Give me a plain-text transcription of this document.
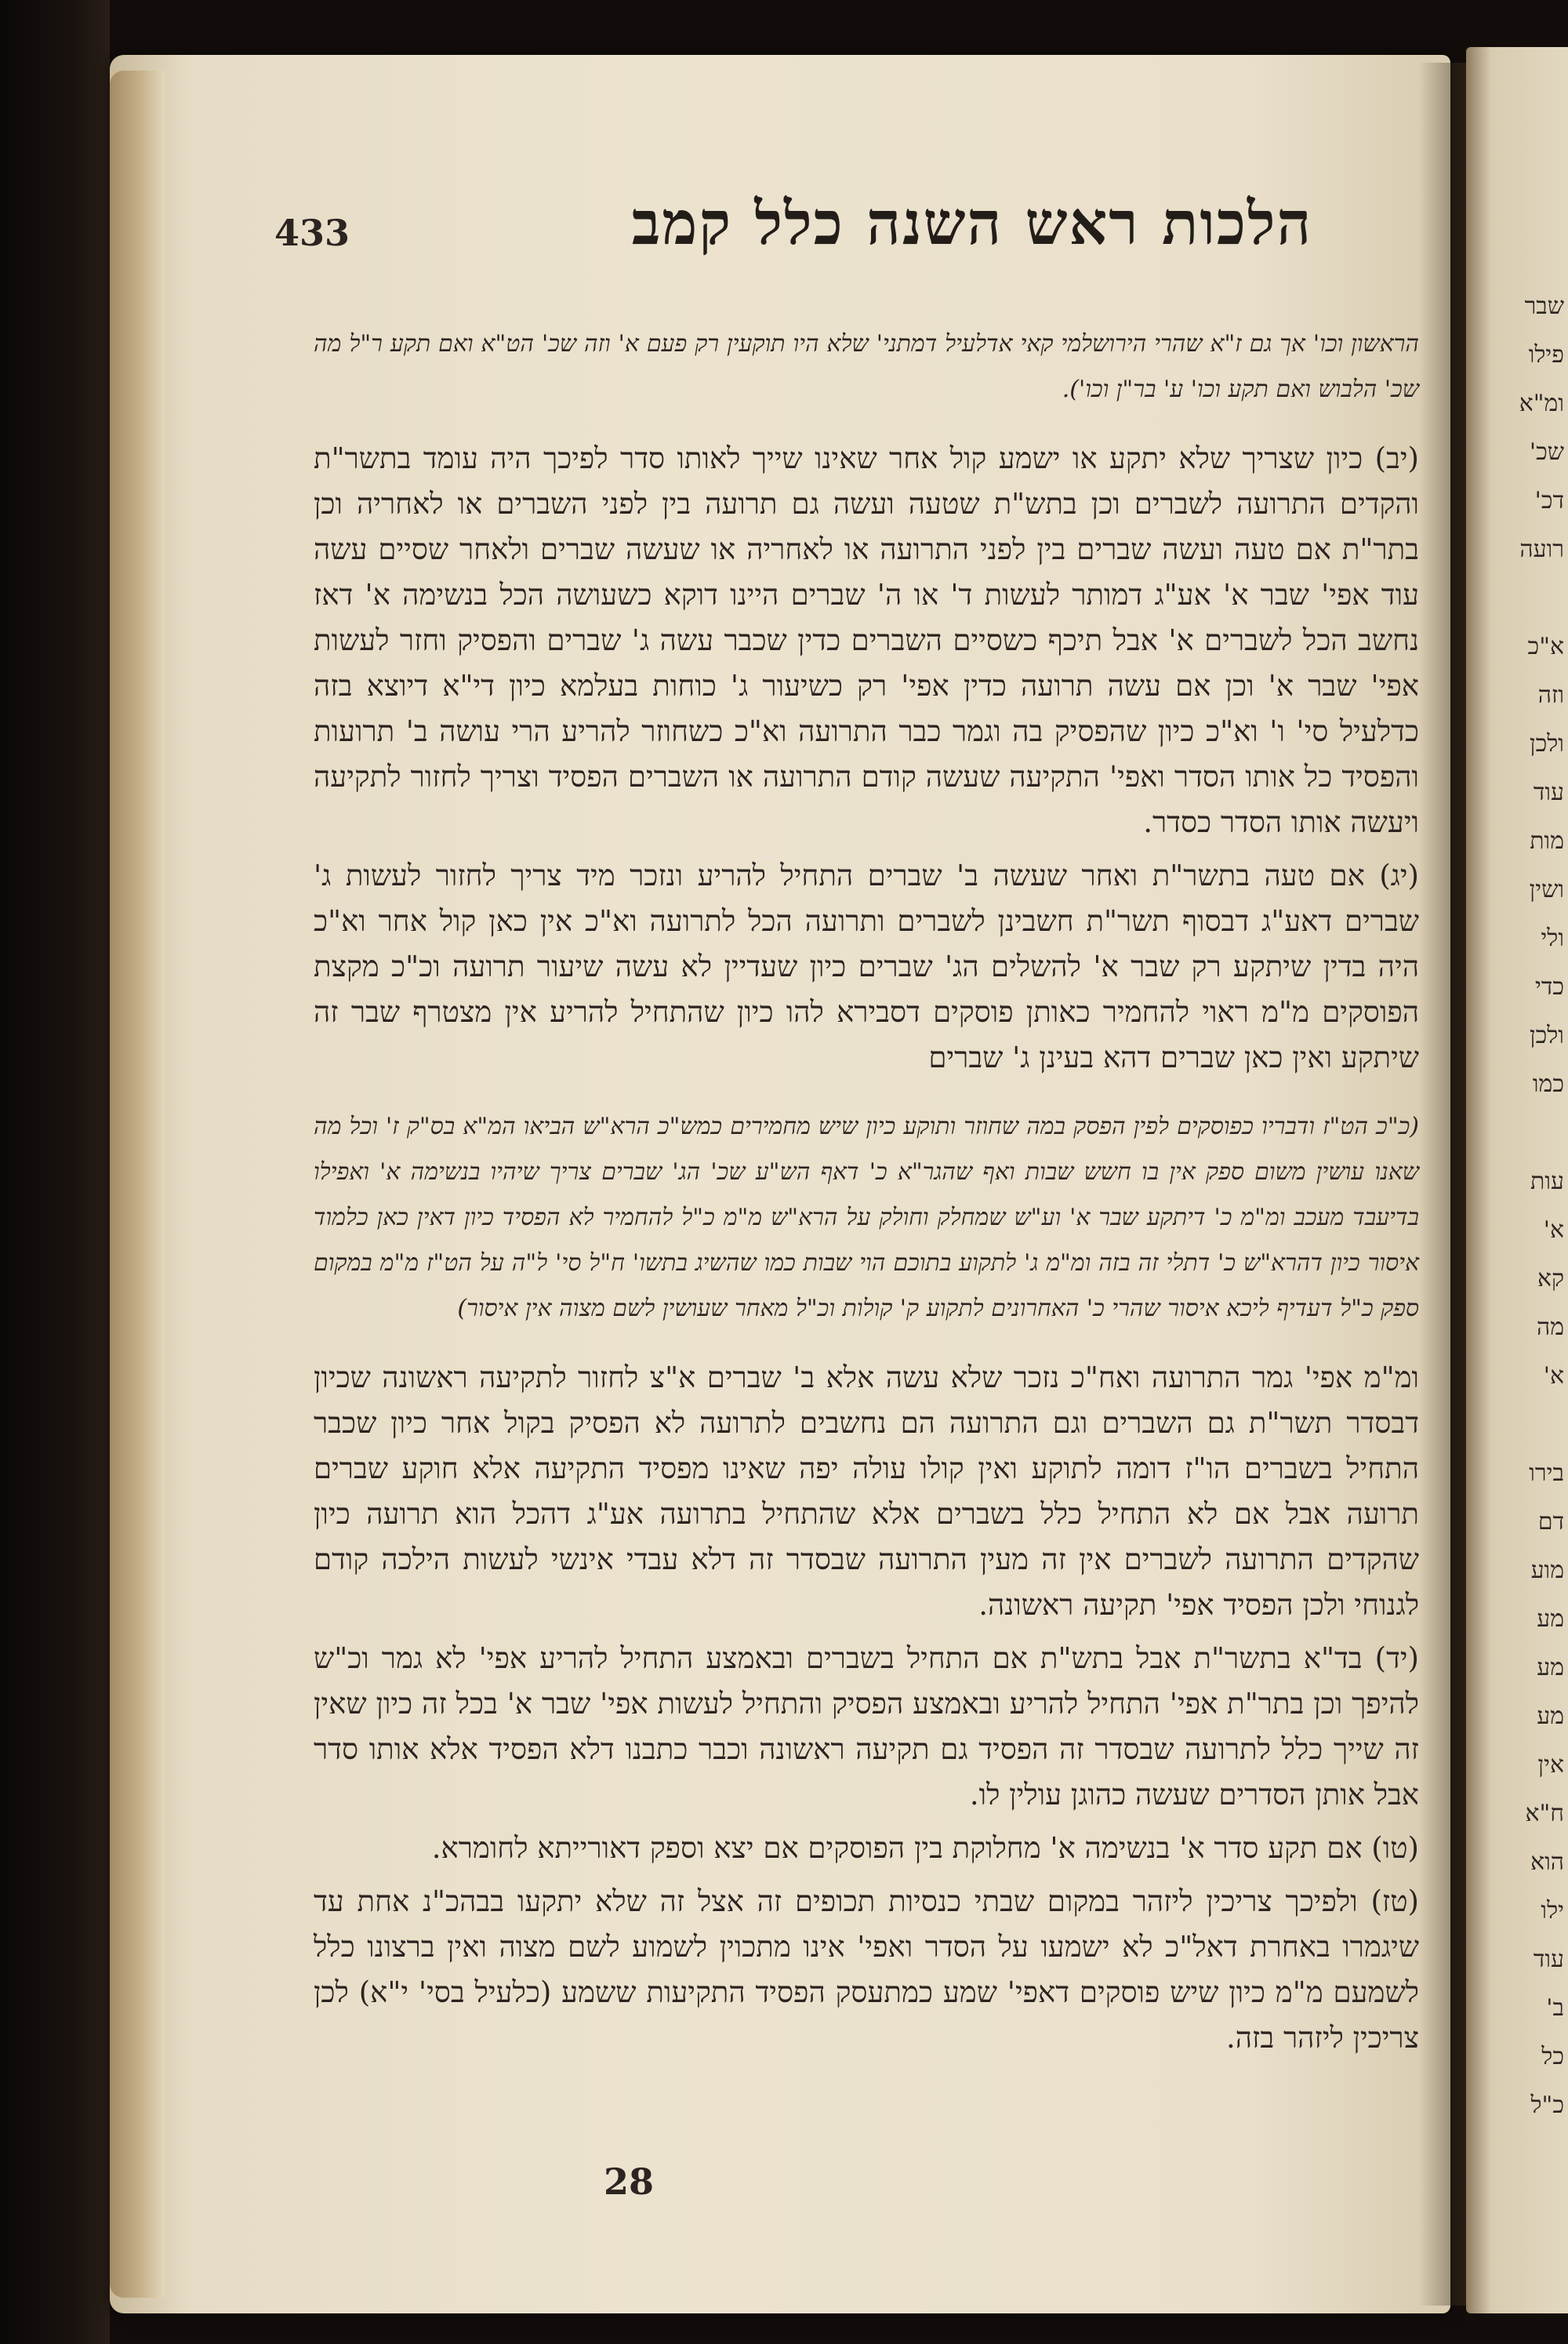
שבר
פילו
ומ"א
שכ'
דכ'
רועה
א"כ
וזה
ולכן
עוד
מות
ושין
ולי
כדי
ולכן
כמו
עות
א'
קא
מה
א'
בירו
דם
מוע
מע
מע
מע
אין
ח"א
הוא
ילו
עוד
ב'
כל
כ"ל
433	הלכות ראש השנה כלל קמב

הראשון וכו' אך גם ז"א שהרי הירושלמי קאי אדלעיל דמתני' שלא היו תוקעין רק פעם א' וזה שכ' הט"א ואם תקע ר"ל מה שכ' הלבוש ואם תקע וכו' ע' בר"ן וכו').

(יב) כיון שצריך שלא יתקע או ישמע קול אחר שאינו שייך לאותו סדר לפיכך היה עומד בתשר"ת והקדים התרועה לשברים וכן בתש"ת שטעה ועשה גם תרועה בין לפני השברים או לאחריה וכן בתר"ת אם טעה ועשה שברים בין לפני התרועה או לאחריה או שעשה שברים ולאחר שסיים עשה עוד אפי' שבר א' אע"ג דמותר לעשות ד' או ה' שברים היינו דוקא כשעושה הכל בנשימה א' דאז נחשב הכל לשברים א' אבל תיכף כשסיים השברים כדין שכבר עשה ג' שברים והפסיק וחזר לעשות אפי' שבר א' וכן אם עשה תרועה כדין אפי' רק כשיעור ג' כוחות בעלמא כיון די"א דיוצא בזה כדלעיל סי' ו' וא"כ כיון שהפסיק בה וגמר כבר התרועה וא"כ כשחוזר להריע הרי עושה ב' תרועות והפסיד כל אותו הסדר ואפי' התקיעה שעשה קודם התרועה או השברים הפסיד וצריך לחזור לתקיעה ויעשה אותו הסדר כסדר.

(יג) אם טעה בתשר"ת ואחר שעשה ב' שברים התחיל להריע ונזכר מיד צריך לחזור לעשות ג' שברים דאע"ג דבסוף תשר"ת חשבינן לשברים ותרועה הכל לתרועה וא"כ אין כאן קול אחר וא"כ היה בדין שיתקע רק שבר א' להשלים הג' שברים כיון שעדיין לא עשה שיעור תרועה וכ"כ מקצת הפוסקים מ"מ ראוי להחמיר כאותן פוסקים דסבירא להו כיון שהתחיל להריע אין מצטרף שבר זה שיתקע ואין כאן שברים דהא בעינן ג' שברים

(כ"כ הט"ז ודבריו כפוסקים לפין הפסק במה שחוזר ותוקע כיון שיש מחמירים כמש"כ הרא"ש הביאו המ"א בס"ק ז' וכל מה שאנו עושין משום ספק אין בו חשש שבות ואף שהגר"א כ' דאף הש"ע שכ' הג' שברים צריך שיהיו בנשימה א' ואפילו בדיעבד מעכב ומ"מ כ' דיתקע שבר א' וע"ש שמחלק וחולק על הרא"ש מ"מ כ"ל להחמיר לא הפסיד כיון דאין כאן כלמוד איסור כיון דהרא"ש כ' דתלי זה בזה ומ"מ ג' לתקוע בתוכם הוי שבות כמו שהשיג בתשו' ח"ל סי' ל"ה על הט"ז מ"מ במקום ספק כ"ל דעדיף ליכא איסור שהרי כ' האחרונים לתקוע ק' קולות וכ"ל מאחר שעושין לשם מצוה אין איסור)

ומ"מ אפי' גמר התרועה ואח"כ נזכר שלא עשה אלא ב' שברים א"צ לחזור לתקיעה ראשונה שכיון דבסדר תשר"ת גם השברים וגם התרועה הם נחשבים לתרועה לא הפסיק בקול אחר כיון שכבר התחיל בשברים הו"ז דומה לתוקע ואין קולו עולה יפה שאינו מפסיד התקיעה אלא חוקע שברים תרועה אבל אם לא התחיל כלל בשברים אלא שהתחיל בתרועה אע"ג דהכל הוא תרועה כיון שהקדים התרועה לשברים אין זה מעין התרועה שבסדר זה דלא עבדי אינשי לעשות הילכה קודם לגנוחי ולכן הפסיד אפי' תקיעה ראשונה.

(יד) בד"א בתשר"ת אבל בתש"ת אם התחיל בשברים ובאמצע התחיל להריע אפי' לא גמר וכ"ש להיפך וכן בתר"ת אפי' התחיל להריע ובאמצע הפסיק והתחיל לעשות אפי' שבר א' בכל זה כיון שאין זה שייך כלל לתרועה שבסדר זה הפסיד גם תקיעה ראשונה וכבר כתבנו דלא הפסיד אלא אותו סדר אבל אותן הסדרים שעשה כהוגן עולין לו.

(טו) אם תקע סדר א' בנשימה א' מחלוקת בין הפוסקים אם יצא וספק דאורייתא לחומרא.

(טז) ולפיכך צריכין ליזהר במקום שבתי כנסיות תכופים זה אצל זה שלא יתקעו בבהכ"נ אחת עד שיגמרו באחרת דאל"כ לא ישמעו על הסדר ואפי' אינו מתכוין לשמוע לשם מצוה ואין ברצונו כלל לשמעם מ"מ כיון שיש פוסקים דאפי' שמע כמתעסק הפסיד התקיעות ששמע (כלעיל בסי' י"א) לכן צריכין ליזהר בזה.

28
